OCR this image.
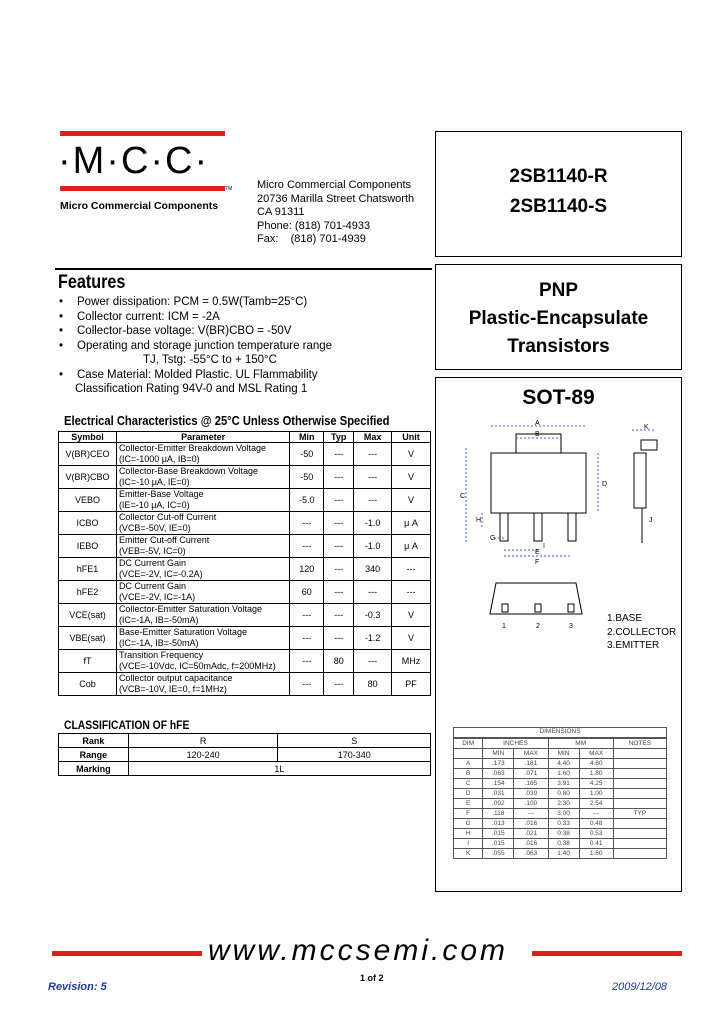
·M·C·C·
TM
Micro Commercial Components
Micro Commercial Components
20736 Marilla Street Chatsworth
CA 91311
Phone: (818) 701-4933
Fax:    (818) 701-4939
2SB1140-R
2SB1140-S
PNP
Plastic-Encapsulate
Transistors
SOT-89
A
B
C
D
H
G
I
E
F
K
J
1	2	3
1.BASE
2.COLLECTOR
3.EMITTER
DIMENSIONS
DIM	INCHES		MM		NOTES
	MIN	MAX	MIN	MAX	
A	.173	.181	4.40	4.60	
B	.063	.071	1.60	1.80	
C	.154	.165	3.91	4.25	
D	.031	.039	0.80	1.00	
E	.092	.100	2.30	2.54	
F	.118	---	3.00	---	TYP
G	.013	.016	0.33	0.48	
H	.015	.021	0.38	0.53	
I	.015	.016	0.38	0.41	
K	.055	.063	1.40	1.60	
Features
• Power dissipation: PCM = 0.5W(Tamb=25°C)
• Collector current: ICM = -2A
• Collector-base voltage: V(BR)CBO = -50V
• Operating and storage junction temperature range
TJ, Tstg: -55°C to + 150°C
• Case Material: Molded Plastic. UL Flammability
Classification Rating 94V-0 and MSL Rating 1
Electrical Characteristics @ 25°C Unless Otherwise Specified
Symbol	Parameter	Min	Typ	Max	Unit
V(BR)CEO	Collector-Emitter Breakdown Voltage
(IC=-1000 μA, IB=0)	-50	---	---	V
V(BR)CBO	Collector-Base Breakdown Voltage
(IC=-10 μA, IE=0)	-50	---	---	V
VEBO	Emitter-Base Voltage
(IE=-10 μA, IC=0)	-5.0	---	---	V
ICBO	Collector Cut-off Current
(VCB=-50V, IE=0)	---	---	-1.0	μ A
IEBO	Emitter Cut-off Current
(VEB=-5V, IC=0)	---	---	-1.0	μ A
hFE1	DC Current Gain
(VCE=-2V, IC=-0.2A)	120	---	340	---
hFE2	DC Current Gain
(VCE=-2V, IC=-1A)	60	---	---	---
VCE(sat)	Collector-Emitter Saturation Voltage
(IC=-1A, IB=-50mA)	---	---	-0.3	V
VBE(sat)	Base-Emitter Saturation Voltage
(IC=-1A, IB=-50mA)	---	---	-1.2	V
fT	Transition Frequency
(VCE=-10Vdc, IC=50mAdc, f=200MHz)	---	80	---	MHz
Cob	Collector output capacitance
(VCB=-10V, IE=0, f=1MHz)	---	---	80	PF
CLASSIFICATION OF hFE
Rank	R	S
Range	120-240	170-340
Marking	1L	
www.mccsemi.com
Revision: 5
1 of 2
2009/12/08
